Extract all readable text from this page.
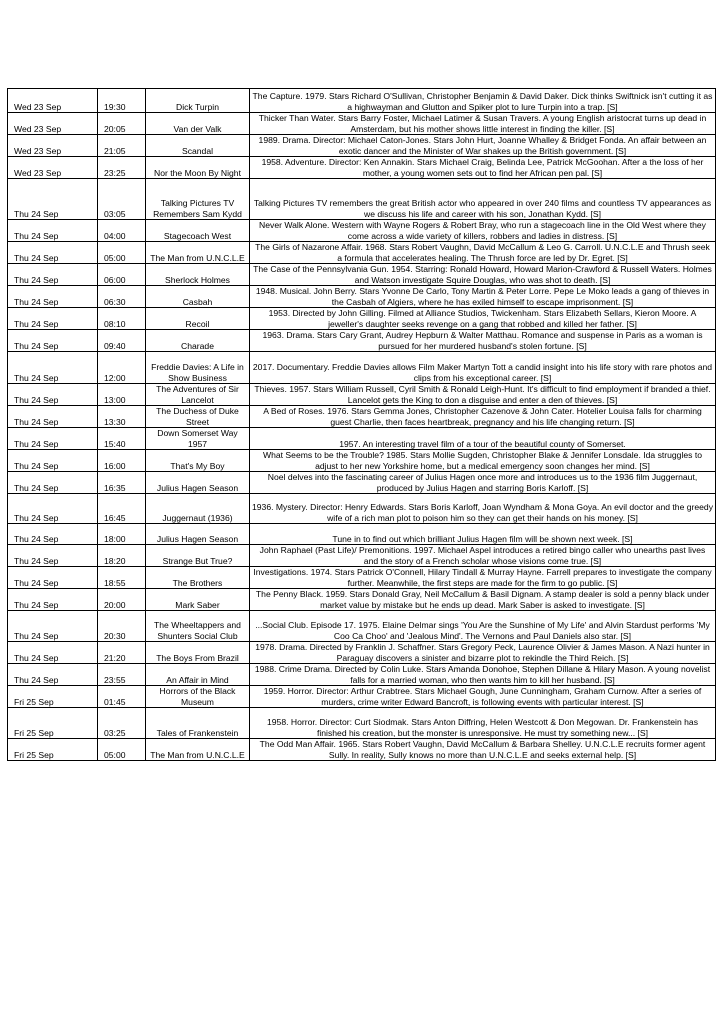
Wed 23 Sep	19:30	Dick Turpin	The Capture. 1979. Stars Richard O'Sullivan, Christopher Benjamin & David Daker. Dick thinks Swiftnick isn't cutting it as a highwayman and Glutton and Spiker plot to lure Turpin into a trap. [S]
Wed 23 Sep	20:05	Van der Valk	Thicker Than Water. Stars Barry Foster, Michael Latimer & Susan Travers. A young English aristocrat turns up dead in Amsterdam, but his mother shows little interest in finding the killer. [S]
Wed 23 Sep	21:05	Scandal	1989. Drama. Director: Michael Caton-Jones. Stars John Hurt, Joanne Whalley & Bridget Fonda. An affair between an exotic dancer and the Minister of War shakes up the British government. [S]
Wed 23 Sep	23:25	Nor the Moon By Night	1958. Adventure. Director: Ken Annakin. Stars Michael Craig, Belinda Lee, Patrick McGoohan. After a the loss of her mother, a young women sets out to find her African pen pal. [S]
Thu 24 Sep	03:05	Talking Pictures TV Remembers Sam Kydd	Talking Pictures TV remembers the great British actor who appeared in over 240 films and countless TV appearances as we discuss his life and career with his son, Jonathan Kydd. [S]
Thu 24 Sep	04:00	Stagecoach West	Never Walk Alone. Western with Wayne Rogers & Robert Bray, who run a stagecoach line in the Old West where they come across a wide variety of killers, robbers and ladies in distress. [S]
Thu 24 Sep	05:00	The Man from U.N.C.L.E	The Girls of Nazarone Affair. 1968. Stars Robert Vaughn, David McCallum & Leo G. Carroll. U.N.C.L.E and Thrush seek a formula that accelerates healing. The Thrush force are led by Dr. Egret. [S]
Thu 24 Sep	06:00	Sherlock Holmes	The Case of the Pennsylvania Gun. 1954. Starring: Ronald Howard, Howard Marion-Crawford & Russell Waters. Holmes and Watson investigate Squire Douglas, who was shot to death. [S]
Thu 24 Sep	06:30	Casbah	1948. Musical. John Berry. Stars Yvonne De Carlo, Tony Martin & Peter Lorre. Pepe Le Moko leads a gang of thieves in the Casbah of Algiers, where he has exiled himself to escape imprisonment. [S]
Thu 24 Sep	08:10	Recoil	1953. Directed by John Gilling. Filmed at Alliance Studios, Twickenham. Stars Elizabeth Sellars, Kieron Moore. A jeweller's daughter seeks revenge on a gang that robbed and killed her father. [S]
Thu 24 Sep	09:40	Charade	1963. Drama. Stars Cary Grant, Audrey Hepburn & Walter Matthau. Romance and suspense in Paris as a woman is pursued for her murdered husband's stolen fortune. [S]
Thu 24 Sep	12:00	Freddie Davies: A Life in Show Business	2017. Documentary. Freddie Davies allows Film Maker Martyn Tott a candid insight into his life story with rare photos and clips from his exceptional career. [S]
Thu 24 Sep	13:00	The Adventures of Sir Lancelot	Thieves. 1957. Stars William Russell, Cyril Smith & Ronald Leigh-Hunt. It's difficult to find employment if branded a thief. Lancelot gets the King to don a disguise and enter a den of thieves. [S]
Thu 24 Sep	13:30	The Duchess of Duke Street	A Bed of Roses. 1976. Stars Gemma Jones, Christopher Cazenove & John Cater. Hotelier Louisa falls for charming guest Charlie, then faces heartbreak, pregnancy and his life changing return. [S]
Thu 24 Sep	15:40	Down Somerset Way 1957	1957. An interesting travel film of a tour of the beautiful county of Somerset.
Thu 24 Sep	16:00	That's My Boy	What Seems to be the Trouble? 1985. Stars Mollie Sugden, Christopher Blake & Jennifer Lonsdale. Ida struggles to adjust to her new Yorkshire home, but a medical emergency soon changes her mind. [S]
Thu 24 Sep	16:35	Julius Hagen Season	Noel delves into the fascinating career of Julius Hagen once more and introduces us to the 1936 film Juggernaut, produced by Julius Hagen and starring Boris Karloff. [S]
Thu 24 Sep	16:45	Juggernaut (1936)	1936. Mystery. Director: Henry Edwards. Stars Boris Karloff, Joan Wyndham & Mona Goya. An evil doctor and the greedy wife of a rich man plot to poison him so they can get their hands on his money. [S]
Thu 24 Sep	18:00	Julius Hagen Season	Tune in to find out which brilliant Julius Hagen film will be shown next week. [S]
Thu 24 Sep	18:20	Strange But True?	John Raphael (Past Life)/ Premonitions. 1997. Michael Aspel introduces a retired bingo caller who unearths past lives and the story of a French scholar whose visions come true. [S]
Thu 24 Sep	18:55	The Brothers	Investigations. 1974. Stars Patrick O'Connell, Hilary Tindall & Murray Hayne. Farrell prepares to investigate the company further. Meanwhile, the first steps are made for the firm to go public. [S]
Thu 24 Sep	20:00	Mark Saber	The Penny Black. 1959. Stars Donald Gray, Neil McCallum & Basil Dignam. A stamp dealer is sold a penny black under market value by mistake but he ends up dead. Mark Saber is asked to investigate. [S]
Thu 24 Sep	20:30	The Wheeltappers and Shunters Social Club	...Social Club. Episode 17. 1975. Elaine Delmar sings 'You Are the Sunshine of My Life' and Alvin Stardust performs 'My Coo Ca Choo' and 'Jealous Mind'. The Vernons and Paul Daniels also star. [S]
Thu 24 Sep	21:20	The Boys From Brazil	1978. Drama. Directed by Franklin J. Schaffner. Stars Gregory Peck, Laurence Olivier & James Mason. A Nazi hunter in Paraguay discovers a sinister and bizarre plot to rekindle the Third Reich. [S]
Thu 24 Sep	23:55	An Affair in Mind	1988. Crime Drama. Directed by Colin Luke. Stars Amanda Donohoe, Stephen Dillane & Hilary Mason. A young novelist falls for a married woman, who then wants him to kill her husband. [S]
Fri 25 Sep	01:45	Horrors of the Black Museum	1959. Horror. Director: Arthur Crabtree. Stars Michael Gough, June Cunningham, Graham Curnow. After a series of murders, crime writer Edward Bancroft, is following events with particular interest. [S]
Fri 25 Sep	03:25	Tales of Frankenstein	1958. Horror. Director: Curt Siodmak. Stars Anton Diffring, Helen Westcott & Don Megowan. Dr. Frankenstein has finished his creation, but the monster is unresponsive. He must try something new... [S]
Fri 25 Sep	05:00	The Man from U.N.C.L.E	The Odd Man Affair. 1965. Stars Robert Vaughn, David McCallum & Barbara Shelley. U.N.C.L.E recruits former agent Sully. In reality, Sully knows no more than U.N.C.L.E and seeks external help. [S]
